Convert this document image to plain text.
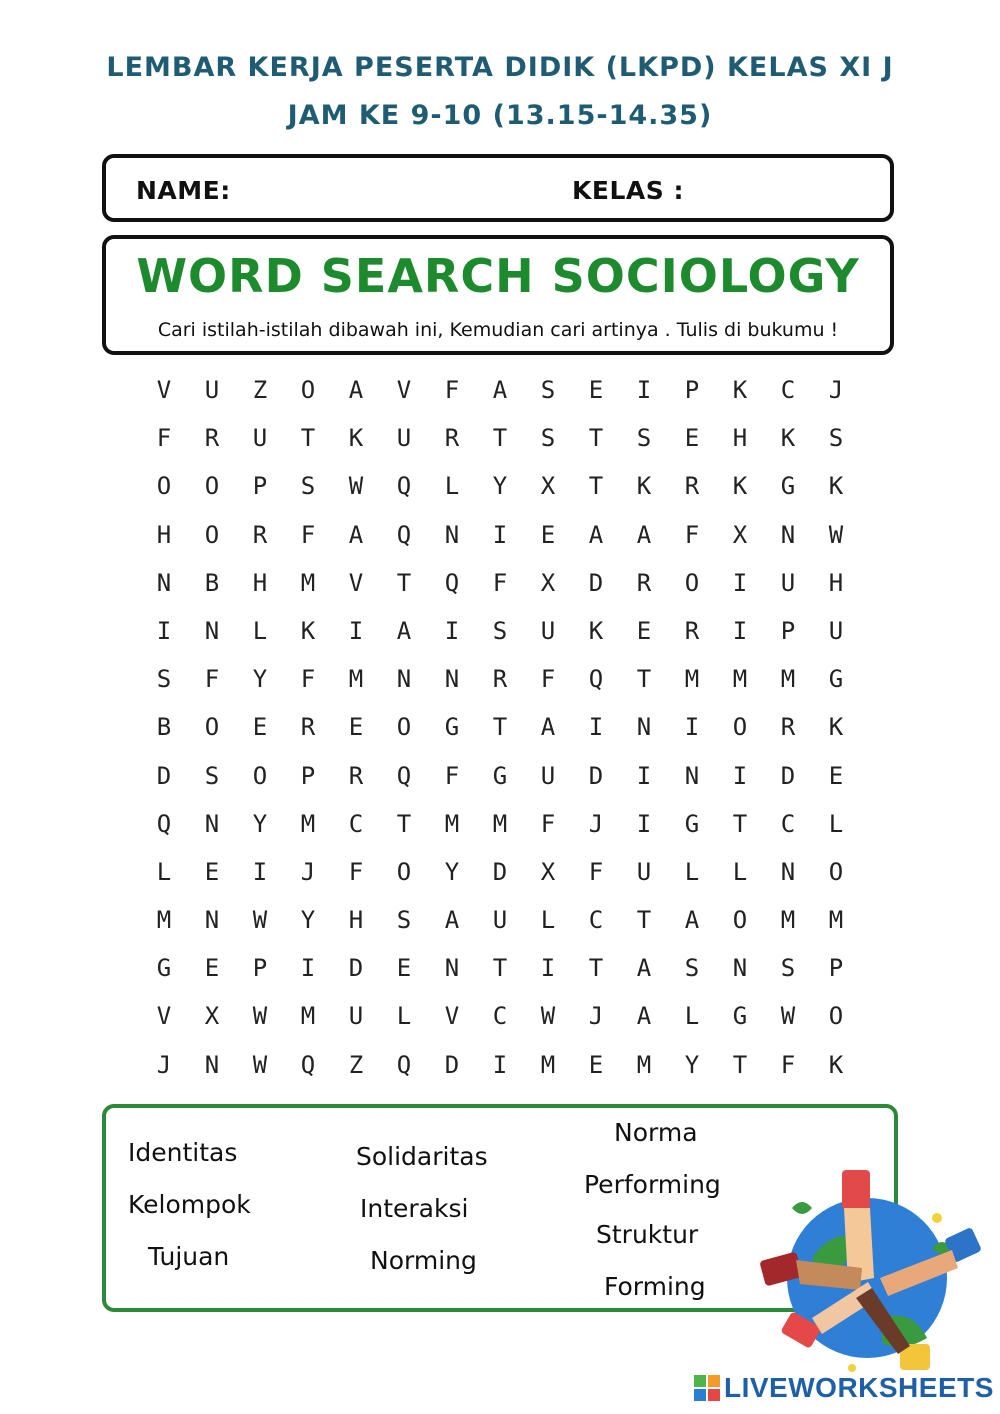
LEMBAR KERJA PESERTA DIDIK (LKPD) KELAS XI J
JAM KE 9-10 (13.15-14.35)
NAME:	KELAS :
WORD SEARCH SOCIOLOGY
Cari istilah-istilah dibawah ini, Kemudian cari artinya . Tulis di bukumu !
V	U	Z	O	A	V	F	A	S	E	I	P	K	C	J
F	R	U	T	K	U	R	T	S	T	S	E	H	K	S
O	O	P	S	W	Q	L	Y	X	T	K	R	K	G	K
H	O	R	F	A	Q	N	I	E	A	A	F	X	N	W
N	B	H	M	V	T	Q	F	X	D	R	O	I	U	H
I	N	L	K	I	A	I	S	U	K	E	R	I	P	U
S	F	Y	F	M	N	N	R	F	Q	T	M	M	M	G
B	O	E	R	E	O	G	T	A	I	N	I	O	R	K
D	S	O	P	R	Q	F	G	U	D	I	N	I	D	E
Q	N	Y	M	C	T	M	M	F	J	I	G	T	C	L
L	E	I	J	F	O	Y	D	X	F	U	L	L	N	O
M	N	W	Y	H	S	A	U	L	C	T	A	O	M	M
G	E	P	I	D	E	N	T	I	T	A	S	N	S	P
V	X	W	M	U	L	V	C	W	J	A	L	G	W	O
J	N	W	Q	Z	Q	D	I	M	E	M	Y	T	F	K
Identitas
Kelompok
Tujuan
Solidaritas
Interaksi
Norming
Norma
Performing
Struktur
Forming
LIVEWORKSHEETS
